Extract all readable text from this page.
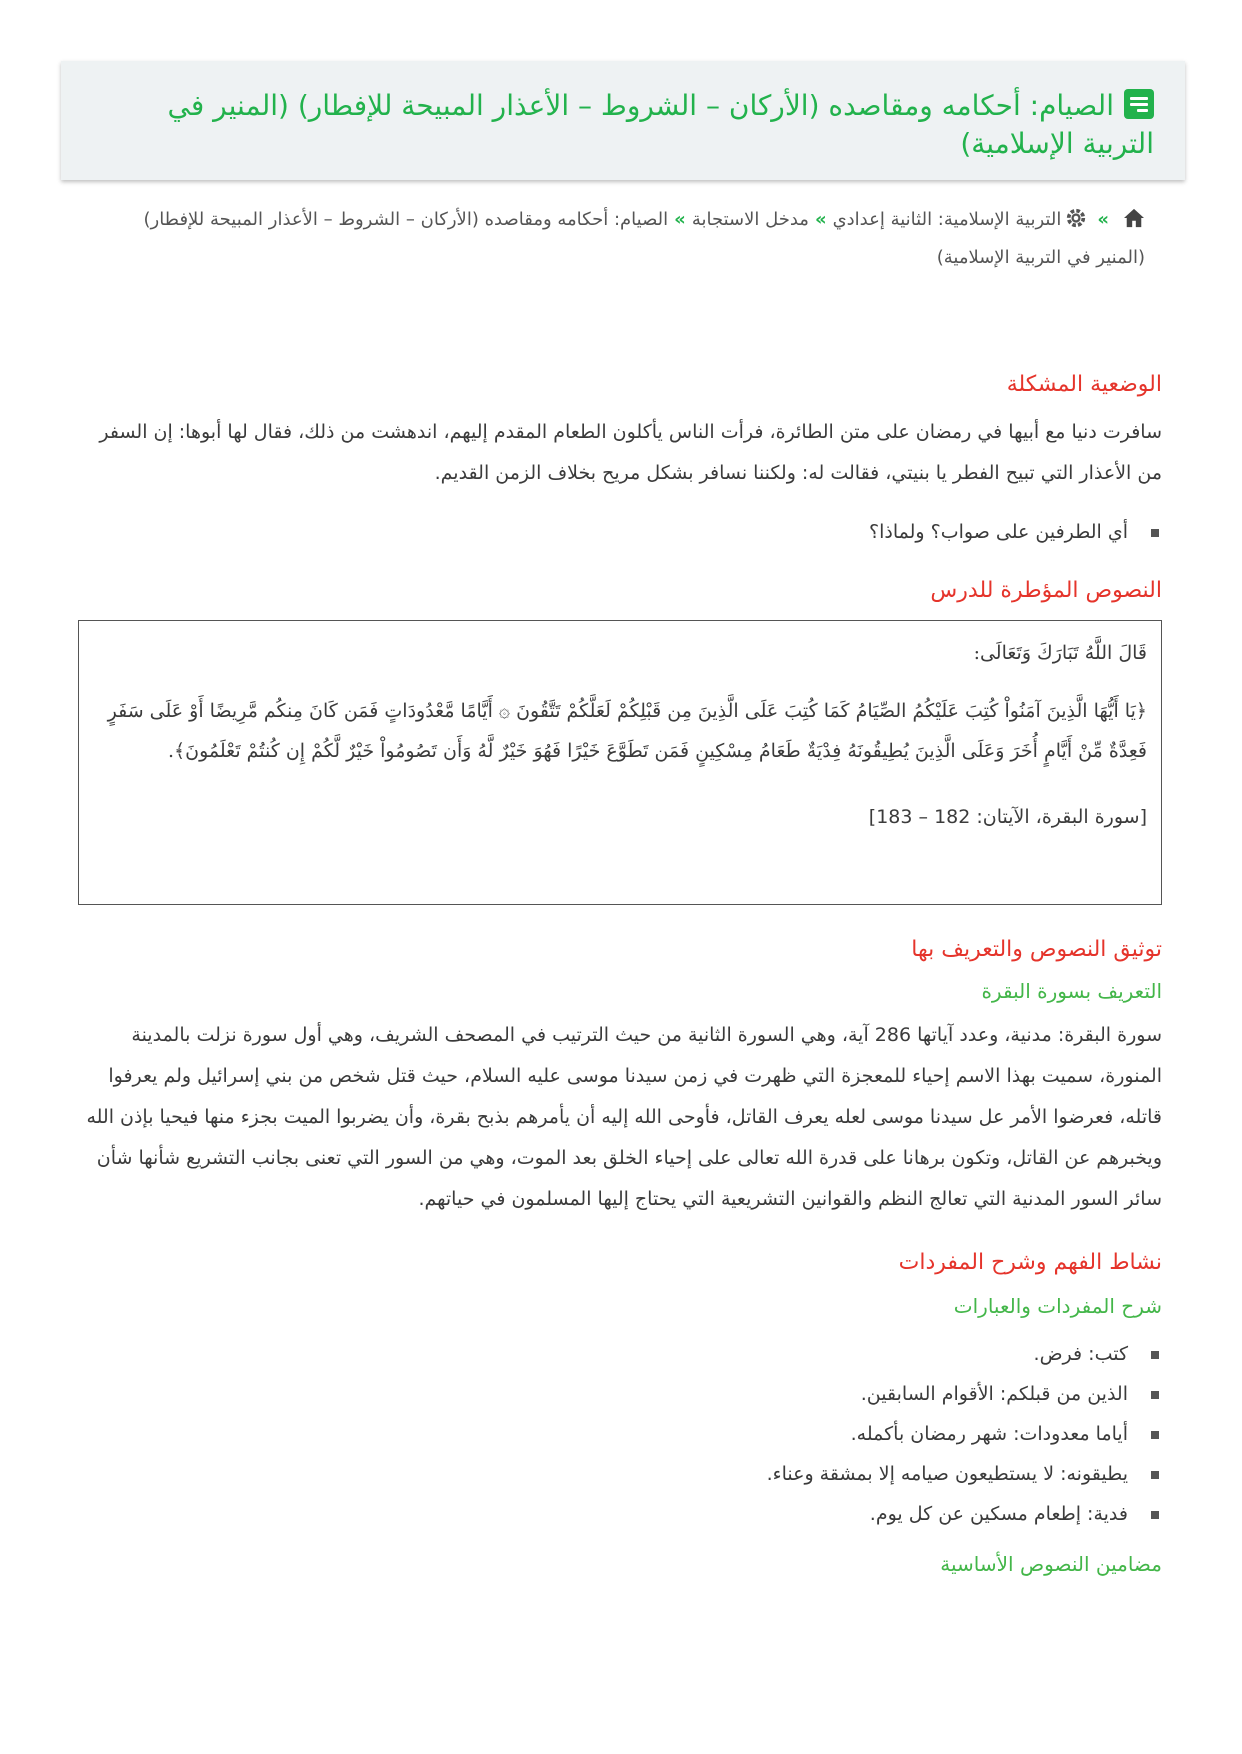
الصيام: أحكامه ومقاصده (الأركان – الشروط – الأعذار المبيحة للإفطار) (المنير في التربية الإسلامية)
»التربية الإسلامية: الثانية إعدادي»مدخل الاستجابة»الصيام: أحكامه ومقاصده (الأركان – الشروط – الأعذار المبيحة للإفطار) (المنير في التربية الإسلامية)
الوضعية المشكلة

سافرت دنيا مع أبيها في رمضان على متن الطائرة، فرأت الناس يأكلون الطعام المقدم إليهم، اندهشت من ذلك، فقال لها أبوها: إن السفر من الأعذار التي تبيح الفطر يا بنيتي، فقالت له: ولكننا نسافر بشكل مريح بخلاف الزمن القديم.

أي الطرفين على صواب؟ ولماذا؟
النصوص المؤطرة للدرس

قَالَ اللَّهُ تَبَارَكَ وَتَعَالَى:

﴿يَا أَيُّهَا الَّذِينَ آمَنُواْ كُتِبَ عَلَيْكُمُ الصِّيَامُ كَمَا كُتِبَ عَلَى الَّذِينَ مِن قَبْلِكُمْ لَعَلَّكُمْ تَتَّقُونَ ۞ أَيَّامًا مَّعْدُودَاتٍ فَمَن كَانَ مِنكُم مَّرِيضًا أَوْ عَلَى سَفَرٍ فَعِدَّةٌ مِّنْ أَيَّامٍ أُخَرَ وَعَلَى الَّذِينَ يُطِيقُونَهُ فِدْيَةٌ طَعَامُ مِسْكِينٍ فَمَن تَطَوَّعَ خَيْرًا فَهُوَ خَيْرٌ لَّهُ وَأَن تَصُومُواْ خَيْرٌ لَّكُمْ إِن كُنتُمْ تَعْلَمُونَ﴾.

[سورة البقرة، الآيتان: 182 – 183]

توثيق النصوص والتعريف بها
التعريف بسورة البقرة

سورة البقرة: مدنية، وعدد آياتها 286 آية، وهي السورة الثانية من حيث الترتيب في المصحف الشريف، وهي أول سورة نزلت بالمدينة المنورة، سميت بهذا الاسم إحياء للمعجزة التي ظهرت في زمن سيدنا موسى عليه السلام، حيث قتل شخص من بني إسرائيل ولم يعرفوا قاتله، فعرضوا الأمر عل سيدنا موسى لعله يعرف القاتل، فأوحى الله إليه أن يأمرهم بذبح بقرة، وأن يضربوا الميت بجزء منها فيحيا بإذن الله ويخبرهم عن القاتل، وتكون برهانا على قدرة الله تعالى على إحياء الخلق بعد الموت، وهي من السور التي تعنى بجانب التشريع شأنها شأن سائر السور المدنية التي تعالج النظم والقوانين التشريعية التي يحتاج إليها المسلمون في حياتهم.

نشاط الفهم وشرح المفردات
شرح المفردات والعبارات
كتب: فرض.
الذين من قبلكم: الأقوام السابقين.
أياما معدودات: شهر رمضان بأكمله.
يطيقونه: لا يستطيعون صيامه إلا بمشقة وعناء.
فدية: إطعام مسكين عن كل يوم.
مضامين النصوص الأساسية
